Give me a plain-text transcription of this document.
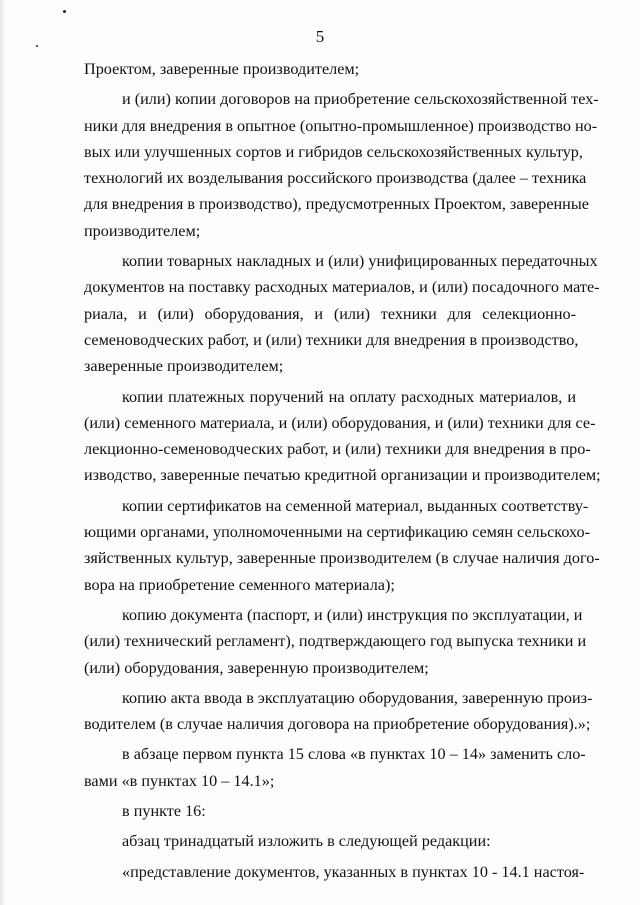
5
Проектом, заверенные производителем;
и (или) копии договоров на приобретение сельскохозяйственной тех-
ники для внедрения в опытное (опытно-промышленное) производство но-
вых или улучшенных сортов и гибридов сельскохозяйственных культур,
технологий их возделывания российского производства (далее – техника
для внедрения в производство), предусмотренных Проектом, заверенные
производителем;
копии товарных накладных и (или) унифицированных передаточных
документов на поставку расходных материалов, и (или) посадочного мате-
риала, и (или) оборудования, и (или) техники для селекционно-
семеноводческих работ, и (или) техники для внедрения в производство,
заверенные производителем;
копии платежных поручений на оплату расходных материалов, и
(или) семенного материала, и (или) оборудования, и (или) техники для се-
лекционно-семеноводческих работ, и (или) техники для внедрения в про-
изводство, заверенные печатью кредитной организации и производителем;
копии сертификатов на семенной материал, выданных соответству-
ющими органами, уполномоченными на сертификацию семян сельскохо-
зяйственных культур, заверенные производителем (в случае наличия дого-
вора на приобретение семенного материала);
копию документа (паспорт, и (или) инструкция по эксплуатации, и
(или) технический регламент), подтверждающего год выпуска техники и
(или) оборудования, заверенную производителем;
копию акта ввода в эксплуатацию оборудования, заверенную произ-
водителем (в случае наличия договора на приобретение оборудования).»;
в абзаце первом пункта 15 слова «в пунктах 10 – 14» заменить сло-
вами «в пунктах 10 – 14.1»;
в пункте 16:
абзац тринадцатый изложить в следующей редакции:
«представление документов, указанных в пунктах 10 - 14.1 настоя-
